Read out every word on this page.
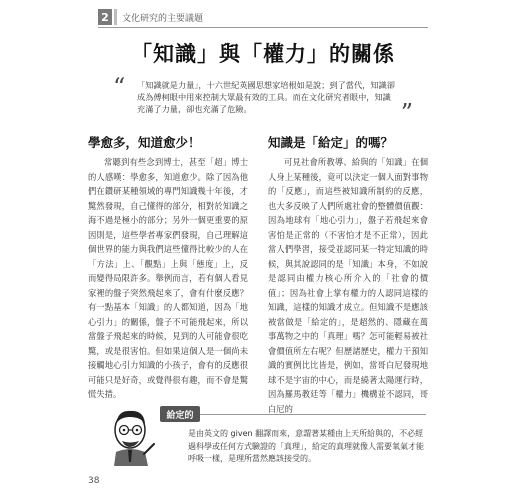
2	文化研究的主要議題
「知識」與「權力」的關係
“ 「知識就是力量」，十六世紀英國思想家培根如是說；到了當代，知識卻成為傅柯眼中用來控制大眾最有效的工具。而在文化研究者眼中，知識充滿了力量，卻也充滿了危險。	”
學愈多，知道愈少！

常聽到有些念到博士，甚至「超」博士的人感嘆：學愈多，知道愈少。除了因為他們在鑽研某種領域的專門知識幾十年後，才驚然發現，自己懂得的部分，相對於知識之海不過是極小的部分；另外一個更重要的原因則是，這些學者專家們發現，自己理解這個世界的能力與我們這些懂得比較少的人在「方法」上、「觀點」上與「態度」上，反而變得局限許多。舉例而言，若有個人看見家裡的盤子突然飛起來了，會有什麼反應？有一點基本「知識」的人都知道，因為「地心引力」的關係，盤子不可能飛起來，所以當盤子飛起來的時候，見到的人可能會很吃驚，或是很害怕。但如果這個人是一個尚未接觸地心引力知識的小孩子，會有的反應很可能只是好奇，或覺得很有趣，而不會是驚慌失措。

知識是「給定」的嗎？

可見社會所教導、給與的「知識」在個人身上某種後，竟可以決定一個人面對事物的「反應」，而這些被知識所制約的反應，也大多反映了人們所處社會的整體價值觀：因為地球有「地心引力」，盤子若飛起來會害怕是正常的（不害怕才是不正常），因此當人們學習，接受並認同某一特定知識的時候，與其說認同的是「知識」本身，不如說是認同由權力核心所介入的「社會的價值」；因為社會上掌有權力的人認同這樣的知識，這樣的知識才成立。但知識不是應該被當做是「給定的」，是超然的、隱藏在萬事萬物之中的「真理」嗎？怎可能輕易被社會價值所左右呢？但歷諸歷史，權力干預知識的實例比比皆是，例如，當哥白尼發現地球不是宇宙的中心，而是繞著太陽運行時，因為羅馬教廷等「權力」機構並不認同，哥白尼的

給定的

是由英文的 given 翻譯而來，意謂著某種由上天所給與的，不必經過科學或任何方式驗證的「真理」，給定的真理就像人需要氧氣才能呼吸一樣，是理所當然應該接受的。

38
